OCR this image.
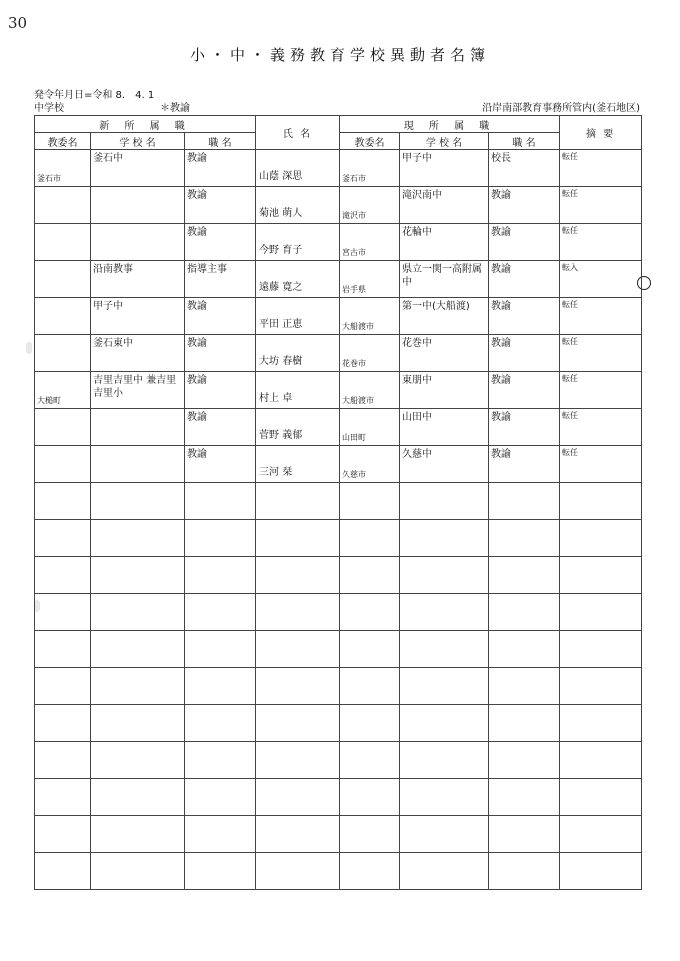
30
小・中・義務教育学校異動者名簿
発令年月日=令和 8.　4. 1
中学校	＊教諭	沿岸南部教育事務所管内(釜石地区)
新 所 属 職			氏 名	現 所 属 職			摘 要
教委名	学 校 名	職 名		教委名	学 校 名	職 名	

釜石市	釜石中	教諭	山蔭 深思	釜石市	甲子中	校長	転任

		教諭	菊池 萌人	滝沢市	滝沢南中	教諭	転任

		教諭	今野 育子	宮古市	花輪中	教諭	転任

	沿南教事	指導主事	遠藤 寛之	岩手県	県立一関一高附属中	教諭	転入

	甲子中	教諭	平田 正恵	大船渡市	第一中(大船渡)	教諭	転任

	釜石東中	教諭	大坊 春樹	花巻市	花巻中	教諭	転任

大槌町	吉里吉里中 兼吉里吉里小	教諭	村上 卓	大船渡市	東朋中	教諭	転任

		教諭	菅野 義郁	山田町	山田中	教諭	転任

		教諭	三河 栞	久慈市	久慈中	教諭	転任
